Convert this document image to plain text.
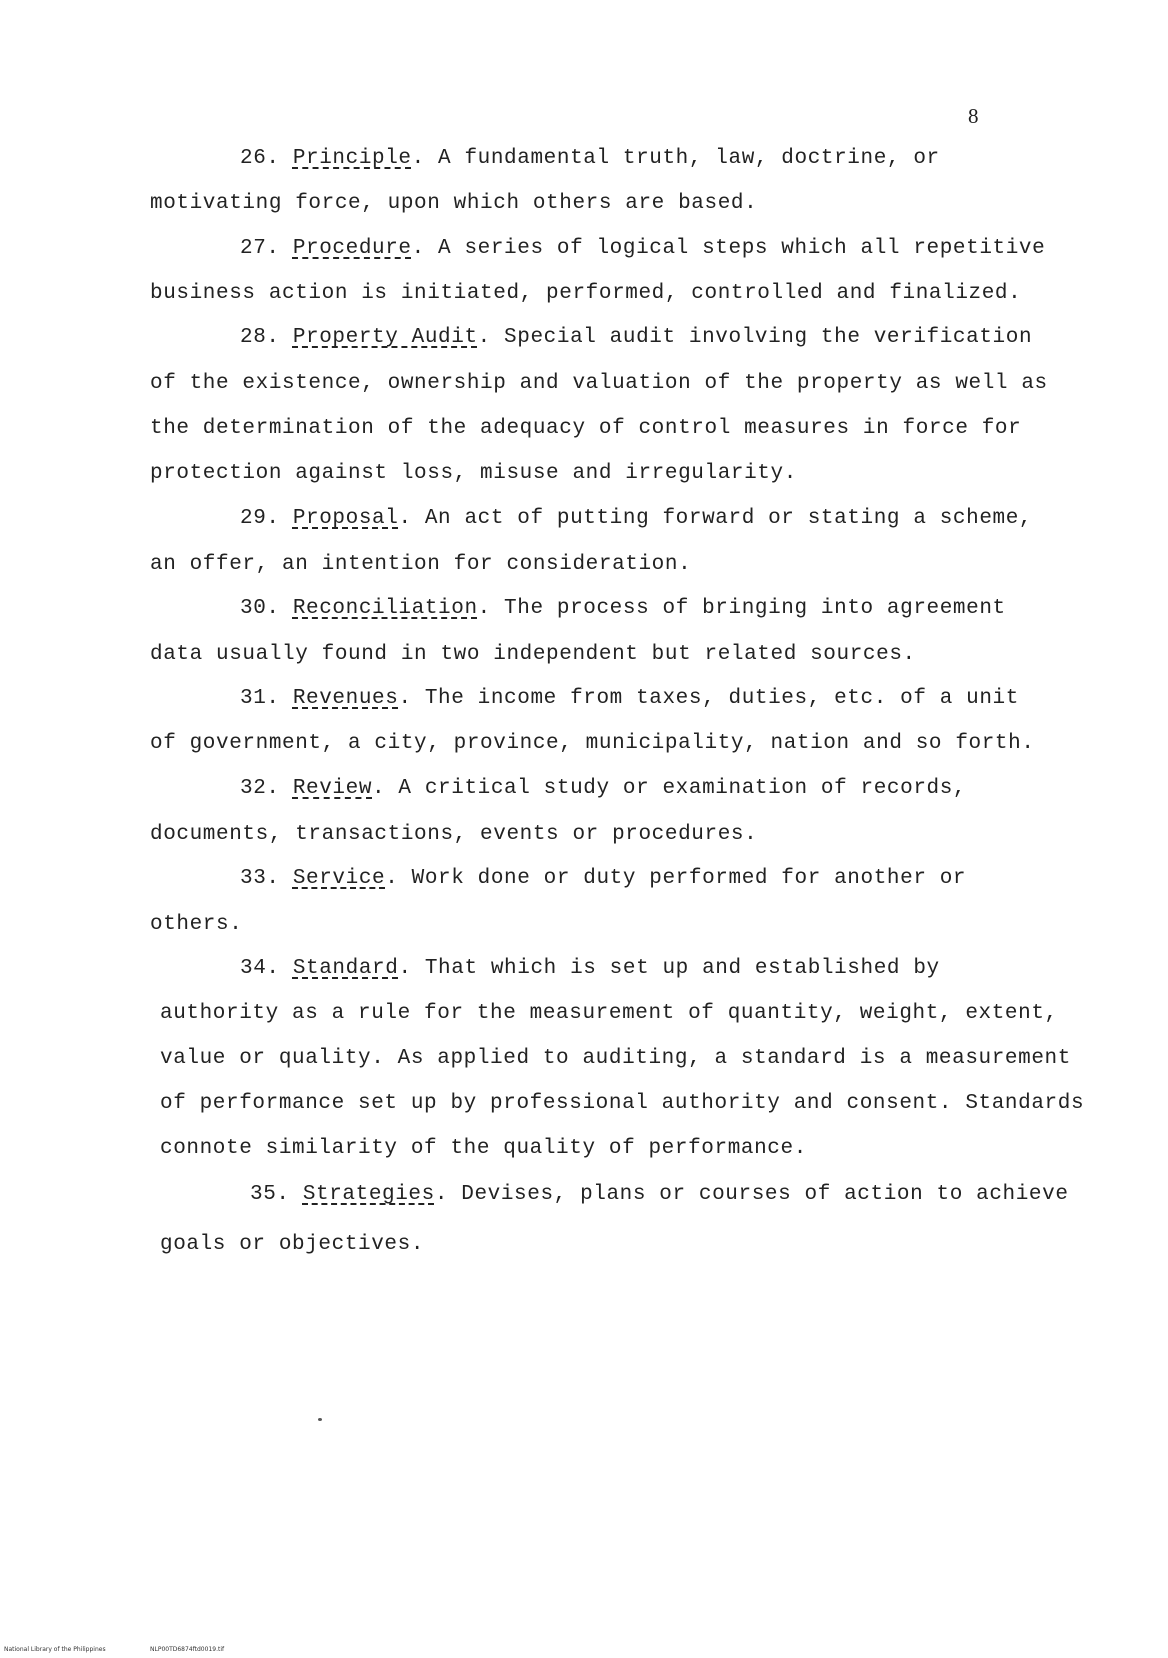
8
26. Principle. A fundamental truth, law, doctrine, or
motivating force, upon which others are based.
27. Procedure. A series of logical steps which all repetitive
business action is initiated, performed, controlled and finalized.
28. Property Audit. Special audit involving the verification
of the existence, ownership and valuation of the property as well as
the determination of the adequacy of control measures in force for
protection against loss, misuse and irregularity.
29. Proposal. An act of putting forward or stating a scheme,
an offer, an intention for consideration.
30. Reconciliation. The process of bringing into agreement
data usually found in two independent but related sources.
31. Revenues. The income from taxes, duties, etc. of a unit
of government, a city, province, municipality, nation and so forth.
32. Review. A critical study or examination of records,
documents, transactions, events or procedures.
33. Service. Work done or duty performed for another or
others.
34. Standard. That which is set up and established by
authority as a rule for the measurement of quantity, weight, extent,
value or quality. As applied to auditing, a standard is a measurement
of performance set up by professional authority and consent. Standards
connote similarity of the quality of performance.
35. Strategies. Devises, plans or courses of action to achieve
goals or objectives.
National Library of the Philippines	NLP00TD6874ftd0019.tif
